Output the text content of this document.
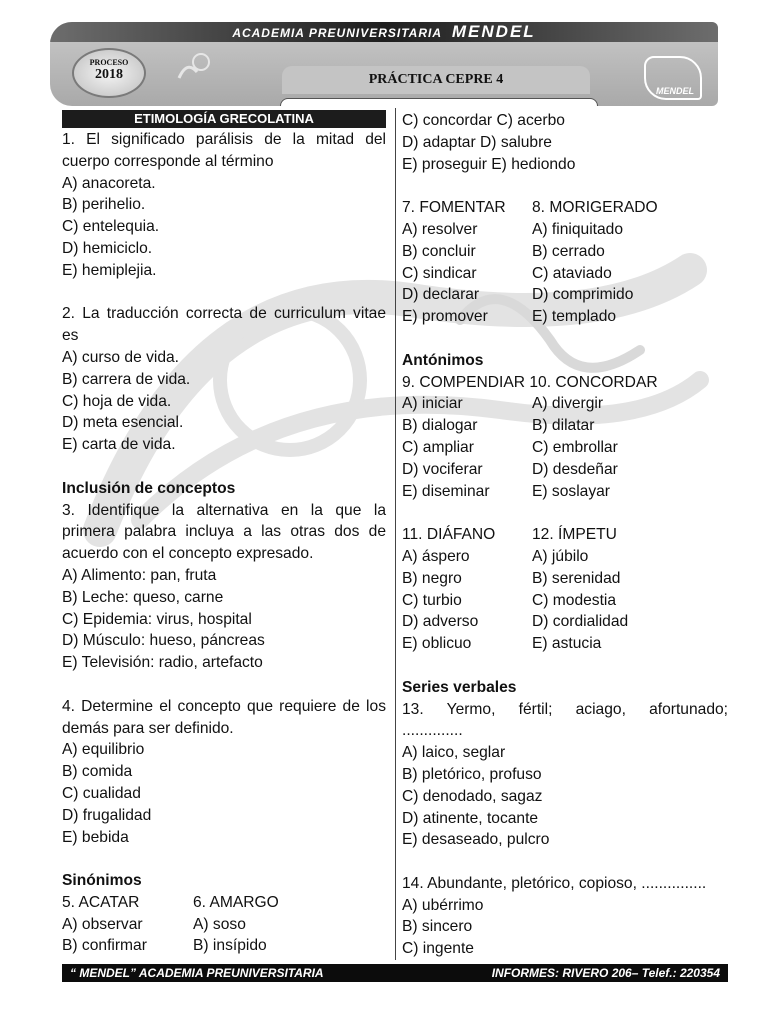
ACADEMIA PREUNIVERSITARIA MENDEL
PROCESO
2018	PRÁCTICA CEPRE 4
MENDEL
ETIMOLOGÍA GRECOLATINA

1. El significado parálisis de la mitad del cuerpo corresponde al término

A) anacoreta.

B) perihelio.

C) entelequia.

D) hemiciclo.

E) hemiplejia.

2. La traducción correcta de curriculum vitae es

A) curso de vida.

B) carrera de vida.

C) hoja de vida.

D) meta esencial.

E) carta de vida.

Inclusión de conceptos

3. Identifique la alternativa en la que la primera palabra incluya a las otras dos de acuerdo con el concepto expresado.

A) Alimento: pan, fruta

B) Leche: queso, carne

C) Epidemia: virus, hospital

D) Músculo: hueso, páncreas

E) Televisión: radio, artefacto

4. Determine el concepto que requiere de los demás para ser definido.

A) equilibrio

B) comida

C) cualidad

D) frugalidad

E) bebida

Sinónimos

5. ACATAR	6. AMARGO
A) observar	A) soso
B) confirmar	B) insípido

C) concordar C) acerbo

D) adaptar D) salubre

E) proseguir E) hediondo

7. FOMENTAR	8. MORIGERADO
A) resolver	A) finiquitado
B) concluir	B) cerrado
C) sindicar	C) ataviado
D) declarar	D) comprimido
E) promover	E) templado

Antónimos

9. COMPENDIAR 10. CONCORDAR

A) iniciar	A) divergir
B) dialogar	B) dilatar
C) ampliar	C) embrollar
D) vociferar	D) desdeñar
E) diseminar	E) soslayar
11. DIÁFANO	12. ÍMPETU
A) áspero	A) júbilo
B) negro	B) serenidad
C) turbio	C) modestia
D) adverso	D) cordialidad
E) oblicuo	E) astucia

Series verbales

13. Yermo, fértil; aciago, afortunado;

..............

A) laico, seglar

B) pletórico, profuso

C) denodado, sagaz

D) atinente, tocante

E) desaseado, pulcro

14. Abundante, pletórico, copioso, ...............

A) ubérrimo

B) sincero

C) ingente

“ MENDEL” ACADEMIA PREUNIVERSITARIA	INFORMES: RIVERO 206– Telef.: 220354
